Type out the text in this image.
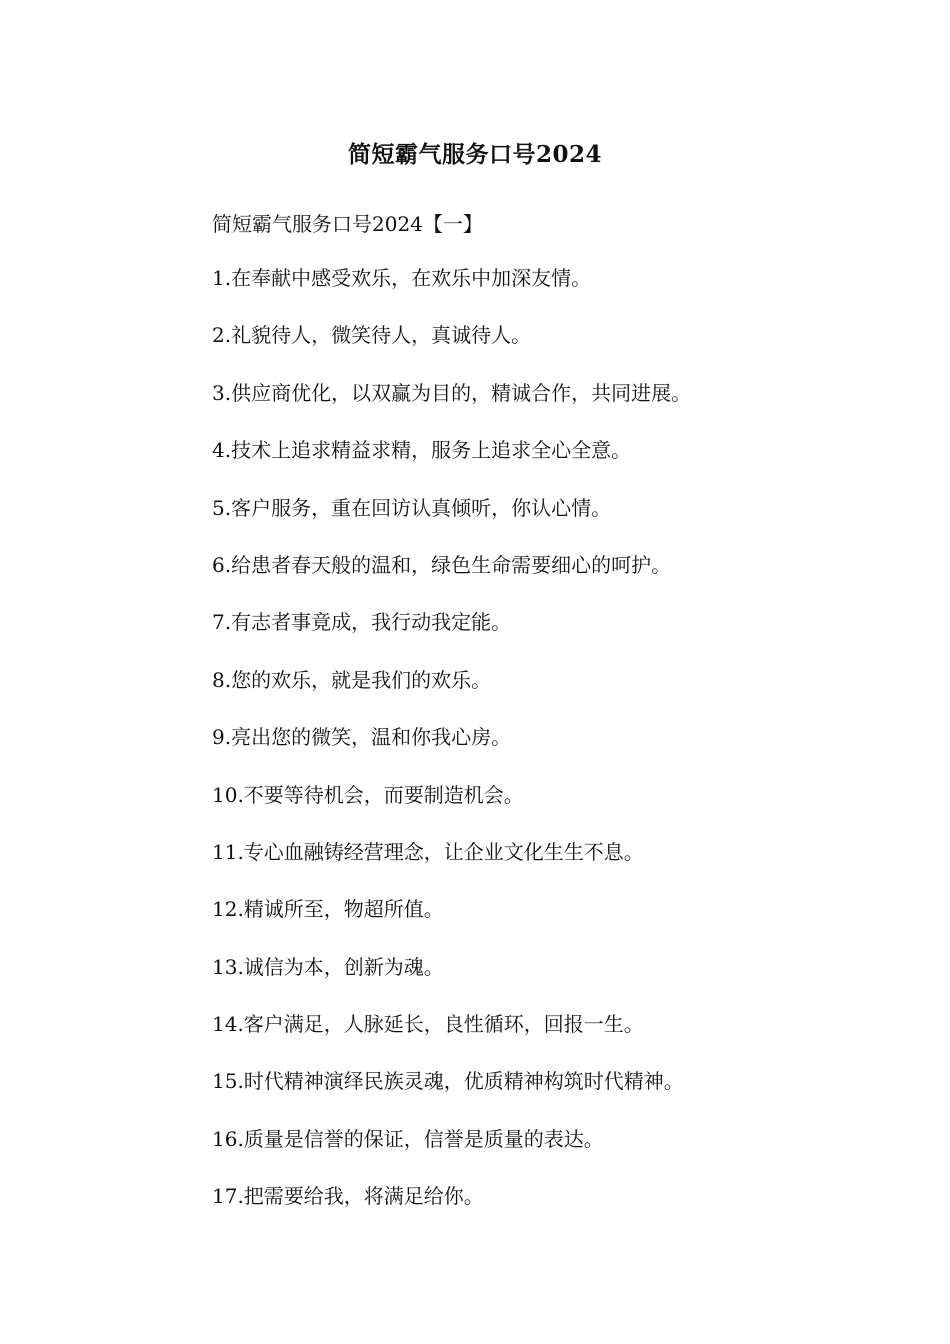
简短霸气服务口号2024
简短霸气服务口号2024【一】
1.在奉献中感受欢乐，在欢乐中加深友情。
2.礼貌待人，微笑待人，真诚待人。
3.供应商优化，以双赢为目的，精诚合作，共同进展。
4.技术上追求精益求精，服务上追求全心全意。
5.客户服务，重在回访认真倾听，你认心情。
6.给患者春天般的温和，绿色生命需要细心的呵护。
7.有志者事竟成，我行动我定能。
8.您的欢乐，就是我们的欢乐。
9.亮出您的微笑，温和你我心房。
10.不要等待机会，而要制造机会。
11.专心血融铸经营理念，让企业文化生生不息。
12.精诚所至，物超所值。
13.诚信为本，创新为魂。
14.客户满足，人脉延长，良性循环，回报一生。
15.时代精神演绎民族灵魂，优质精神构筑时代精神。
16.质量是信誉的保证，信誉是质量的表达。
17.把需要给我，将满足给你。
